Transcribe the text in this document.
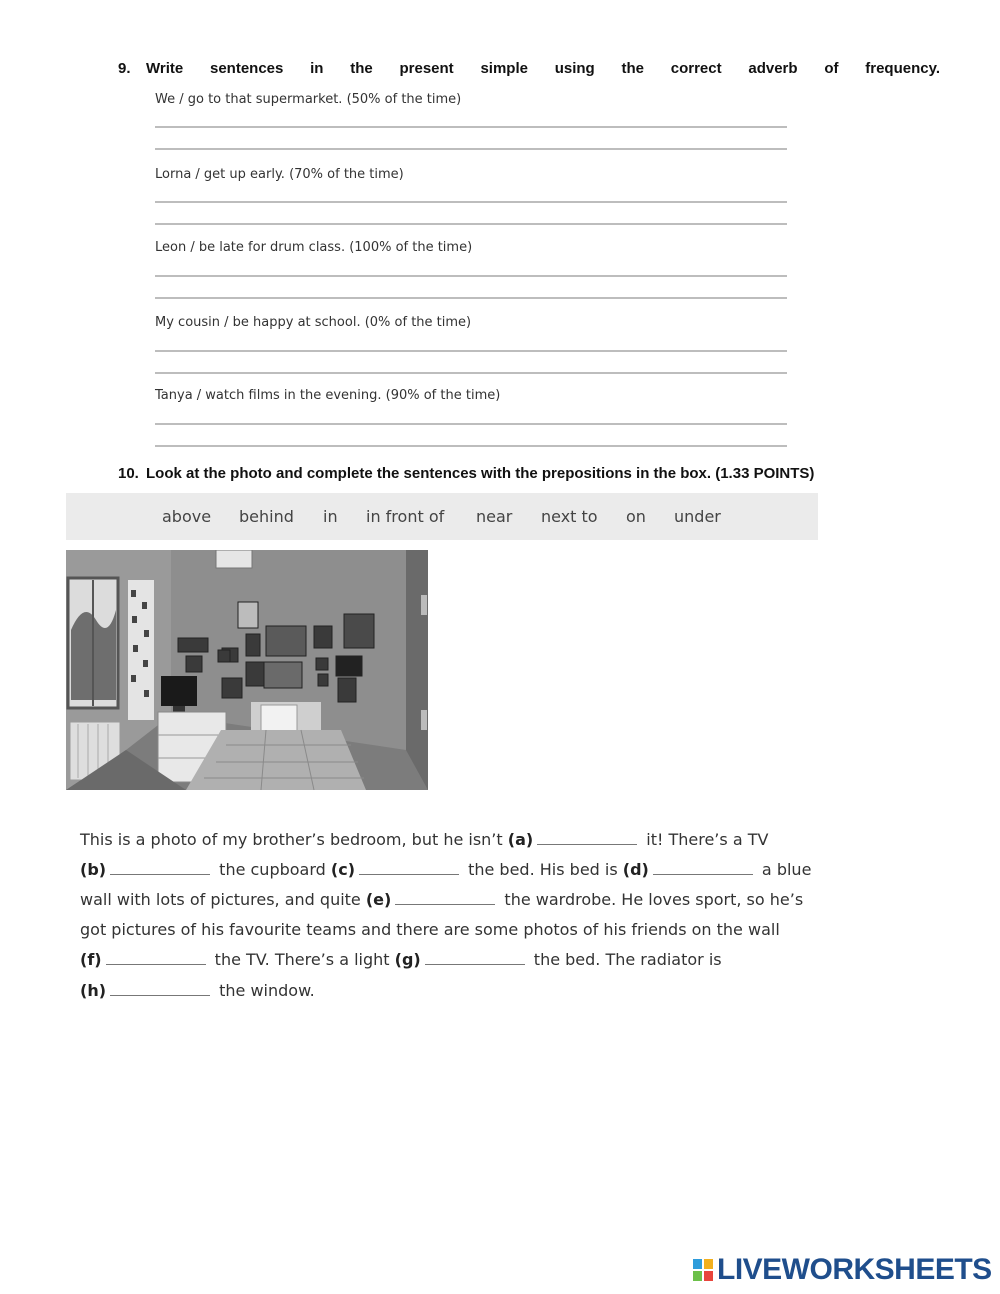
9.	Write sentences in the present simple using the correct adverb of frequency.
We / go to that supermarket. (50% of the time)
Lorna / get up early. (70% of the time)
Leon / be late for drum class. (100% of the time)
My cousin / be happy at school. (0% of the time)
Tanya / watch films in the evening. (90% of the time)
10. Look at the photo and complete the sentences with the prepositions in the box. (1.33 POINTS)
above behind in in front of near next to on under
This is a photo of my brother’s bedroom, but he isn’t (a)	it! There’s a TV
(b)	the cupboard (c)	the bed. His bed is (d)	a blue
wall with lots of pictures, and quite (e)	the wardrobe. He loves sport, so he’s
got pictures of his favourite teams and there are some photos of his friends on the wall
(f)	the TV. There’s a light (g)	the bed. The radiator is
(h)	the window.
LIVEWORKSHEETS
